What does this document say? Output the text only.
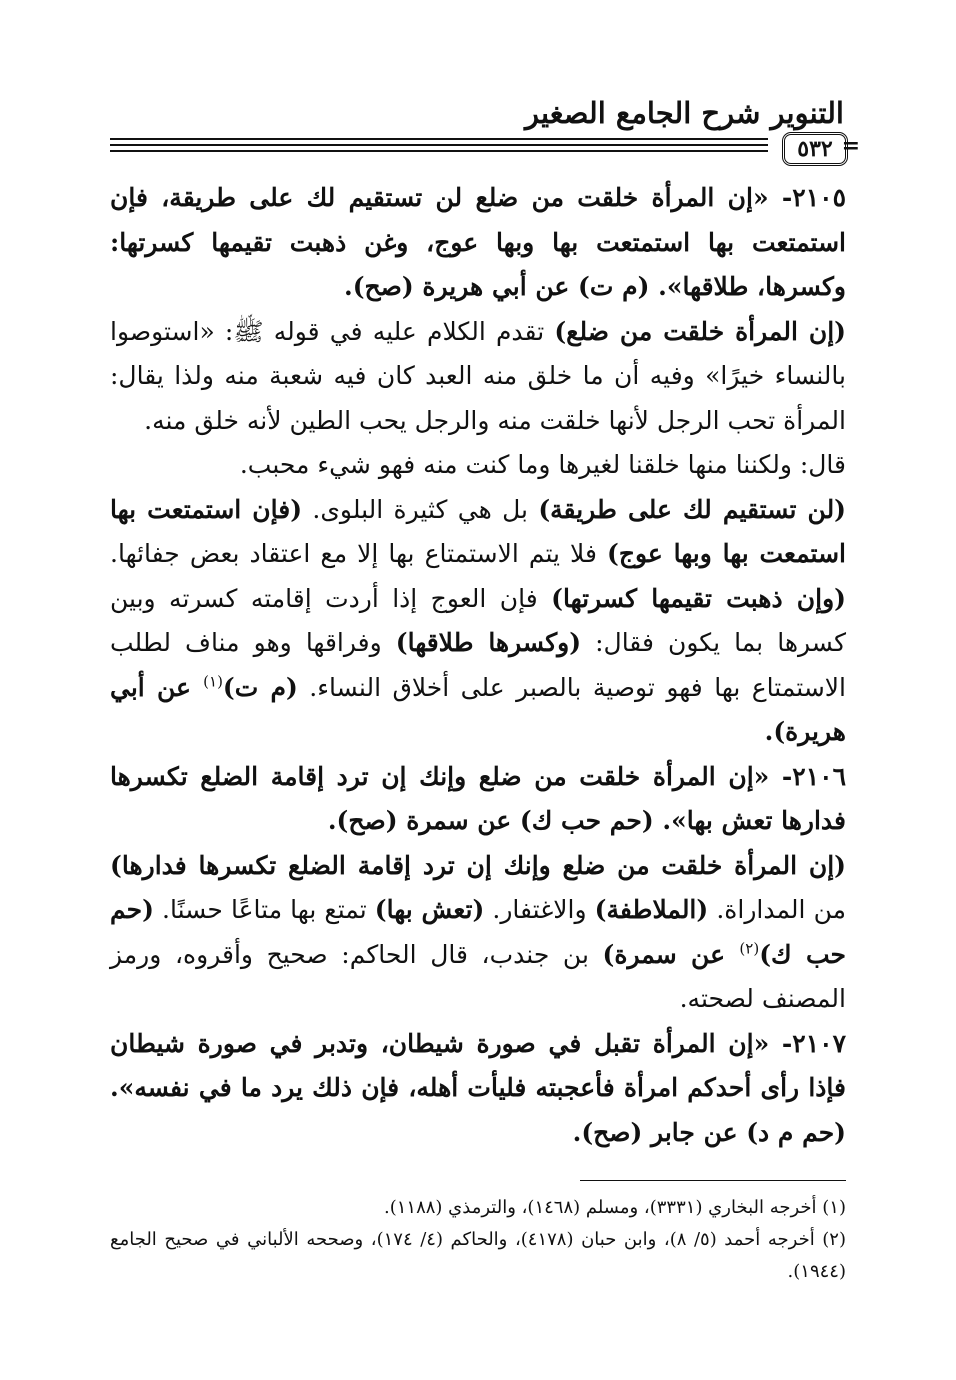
التنوير شرح الجامع الصغير
٥٣٢ =

٢١٠٥- «إن المرأة خلقت من ضلع لن تستقيم لك على طريقة، فإن استمتعت بها استمتعت بها وبها عوج، وغن ذهبت تقيمها كسرتها: وكسرها، طلاقها». (م ت) عن أبي هريرة (صح).

(إن المرأة خلقت من ضلع) تقدم الكلام عليه في قوله ﷺ: «استوصوا بالنساء خيرًا» وفيه أن ما خلق منه العبد كان فيه شعبة منه ولذا يقال: المرأة تحب الرجل لأنها خلقت منه والرجل يحب الطين لأنه خلق منه.

قال: ولكننا منها خلقنا لغيرها وما كنت منه فهو شيء محبب.

(لن تستقيم لك على طريقة) بل هي كثيرة البلوى. (فإن استمتعت بها استمعت بها وبها عوج) فلا يتم الاستمتاع بها إلا مع اعتقاد بعض جفائها. (وإن ذهبت تقيمها كسرتها) فإن العوج إذا أردت إقامته كسرته وبين كسرها بما يكون فقال: (وكسرها طلاقها) وفراقها وهو مناف لطلب الاستمتاع بها فهو توصية بالصبر على أخلاق النساء. (م ت)$^{(١)}$ عن أبي هريرة).

٢١٠٦- «إن المرأة خلقت من ضلع وإنك إن ترد إقامة الضلع تكسرها فدارها تعش بها». (حم حب ك) عن سمرة (صح).

(إن المرأة خلقت من ضلع وإنك إن ترد إقامة الضلع تكسرها فدارها) من المداراة. (الملاطفة) والاغتفار. (تعش بها) تمتع بها متاعًا حسنًا. (حم حب ك)$^{(٢)}$ عن سمرة) بن جندب، قال الحاكم: صحيح وأقروه، ورمز المصنف لصحته.

٢١٠٧- «إن المرأة تقبل في صورة شيطان، وتدبر في صورة شيطان فإذا رأى أحدكم امرأة فأعجبته فليأت أهله، فإن ذلك يرد ما في نفسه». (حم م د) عن جابر (صح).

(١) أخرجه البخاري (٣٣٣١)، ومسلم (١٤٦٨)، والترمذي (١١٨٨).

(٢) أخرجه أحمد (٥/ ٨)، وابن حبان (٤١٧٨)، والحاكم (٤/ ١٧٤)، وصححه الألباني في صحيح الجامع (١٩٤٤).
